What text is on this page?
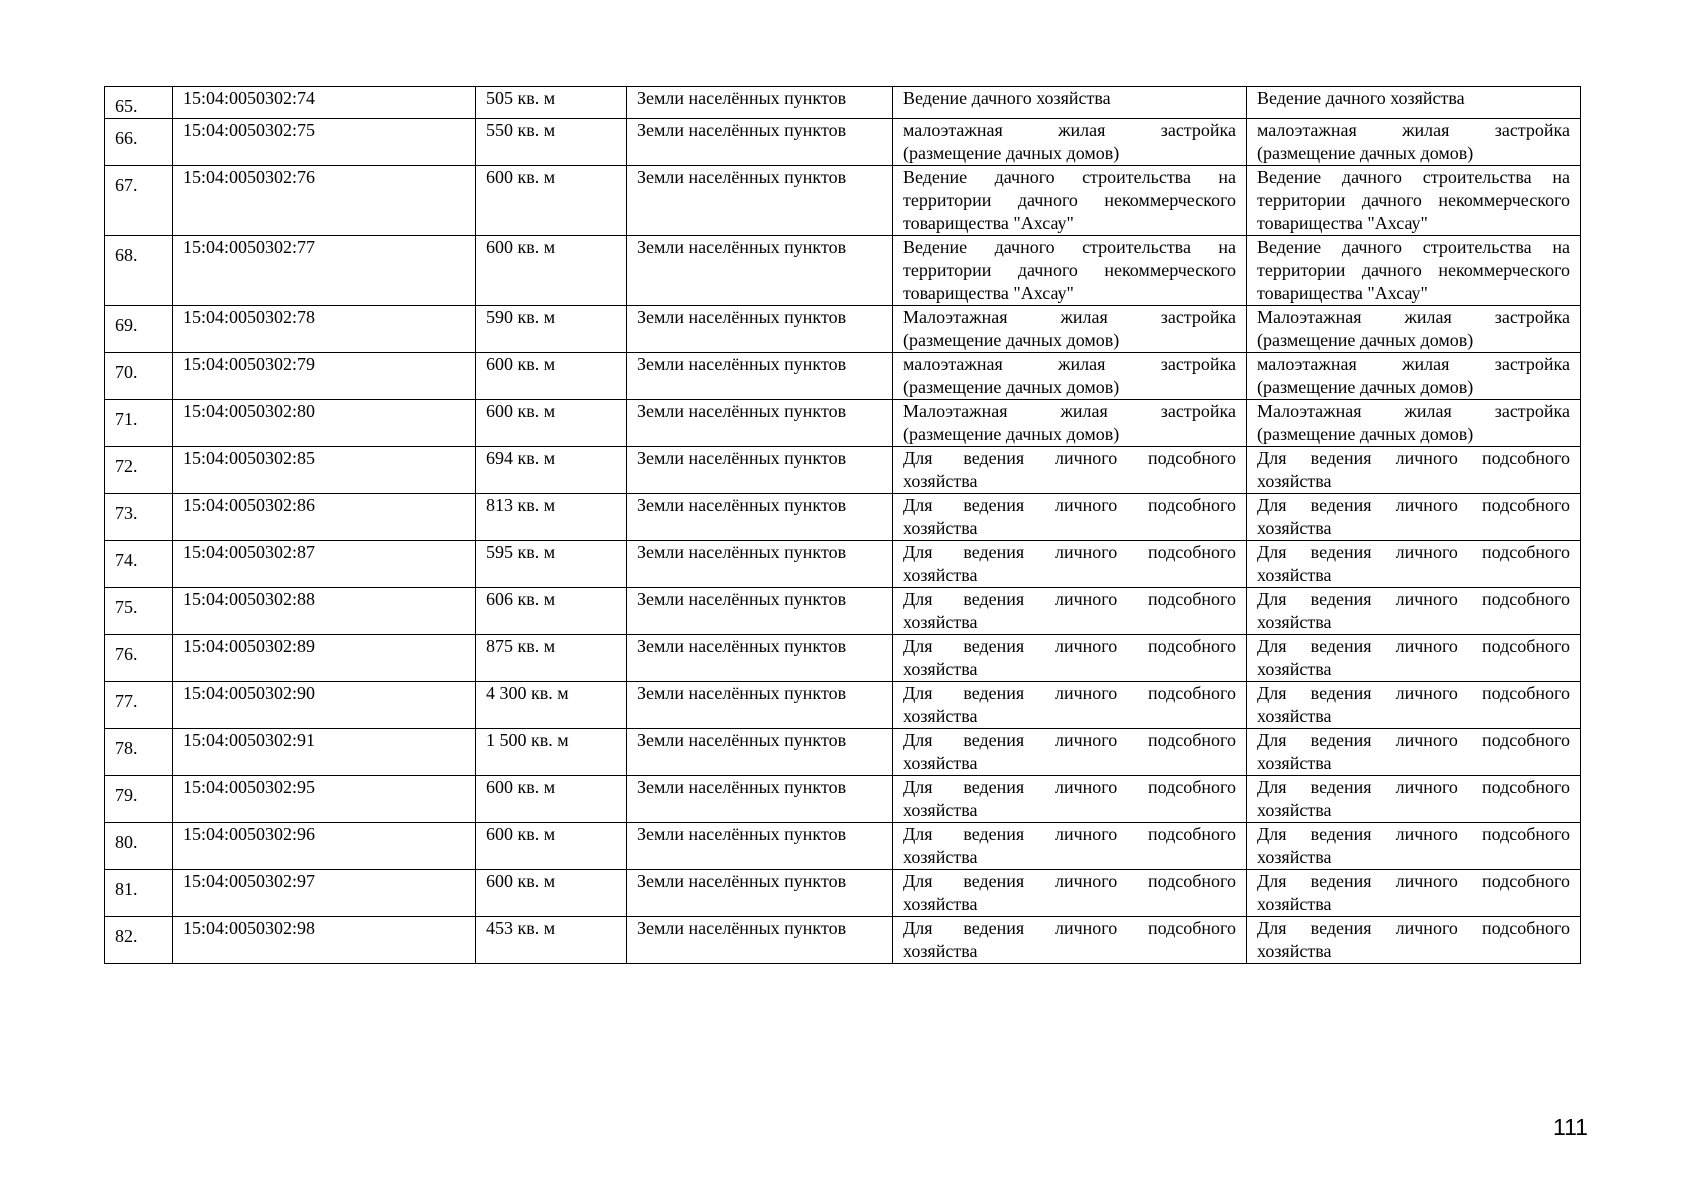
65.	15:04:0050302:74	505 кв. м	Земли населённых пунктов	Ведение дачного хозяйства	Ведение дачного хозяйства

66.	15:04:0050302:75	550 кв. м	Земли населённых пунктов	малоэтажная жилая застройка (размещение дачных домов)	малоэтажная жилая застройка (размещение дачных домов)

67.	15:04:0050302:76	600 кв. м	Земли населённых пунктов	Ведение дачного строительства на территории дачного некоммерческого товарищества "Ахсау"	Ведение дачного строительства на территории дачного некоммерческого товарищества "Ахсау"

68.	15:04:0050302:77	600 кв. м	Земли населённых пунктов	Ведение дачного строительства на территории дачного некоммерческого товарищества "Ахсау"	Ведение дачного строительства на территории дачного некоммерческого товарищества "Ахсау"

69.	15:04:0050302:78	590 кв. м	Земли населённых пунктов	Малоэтажная жилая застройка (размещение дачных домов)	Малоэтажная жилая застройка (размещение дачных домов)

70.	15:04:0050302:79	600 кв. м	Земли населённых пунктов	малоэтажная жилая застройка (размещение дачных домов)	малоэтажная жилая застройка (размещение дачных домов)

71.	15:04:0050302:80	600 кв. м	Земли населённых пунктов	Малоэтажная жилая застройка (размещение дачных домов)	Малоэтажная жилая застройка (размещение дачных домов)

72.	15:04:0050302:85	694 кв. м	Земли населённых пунктов	Для ведения личного подсобного хозяйства	Для ведения личного подсобного хозяйства

73.	15:04:0050302:86	813 кв. м	Земли населённых пунктов	Для ведения личного подсобного хозяйства	Для ведения личного подсобного хозяйства

74.	15:04:0050302:87	595 кв. м	Земли населённых пунктов	Для ведения личного подсобного хозяйства	Для ведения личного подсобного хозяйства

75.	15:04:0050302:88	606 кв. м	Земли населённых пунктов	Для ведения личного подсобного хозяйства	Для ведения личного подсобного хозяйства

76.	15:04:0050302:89	875 кв. м	Земли населённых пунктов	Для ведения личного подсобного хозяйства	Для ведения личного подсобного хозяйства

77.	15:04:0050302:90	4 300 кв. м	Земли населённых пунктов	Для ведения личного подсобного хозяйства	Для ведения личного подсобного хозяйства

78.	15:04:0050302:91	1 500 кв. м	Земли населённых пунктов	Для ведения личного подсобного хозяйства	Для ведения личного подсобного хозяйства

79.	15:04:0050302:95	600 кв. м	Земли населённых пунктов	Для ведения личного подсобного хозяйства	Для ведения личного подсобного хозяйства

80.	15:04:0050302:96	600 кв. м	Земли населённых пунктов	Для ведения личного подсобного хозяйства	Для ведения личного подсобного хозяйства

81.	15:04:0050302:97	600 кв. м	Земли населённых пунктов	Для ведения личного подсобного хозяйства	Для ведения личного подсобного хозяйства

82.	15:04:0050302:98	453 кв. м	Земли населённых пунктов	Для ведения личного подсобного хозяйства	Для ведения личного подсобного хозяйства
111
